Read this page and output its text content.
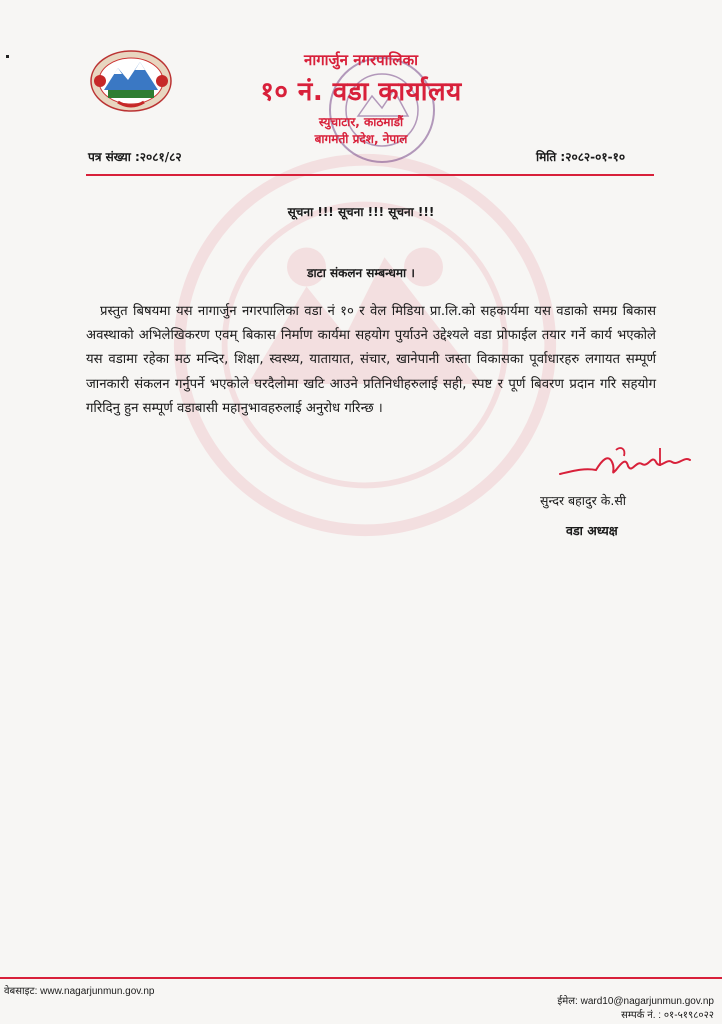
नागार्जुन नगरपालिका
१० नं. वडा कार्यालय
स्युचाटार, काठमाडौं
बागमती प्रदेश, नेपाल
पत्र संख्या :२०८१/८२	मिति :२०८२-०१-१०
सूचना !!! सूचना !!! सूचना !!!
डाटा संकलन सम्बन्धमा ।
प्रस्तुत बिषयमा यस नागार्जुन नगरपालिका वडा नं १० र वेल मिडिया प्रा.लि.को सहकार्यमा यस वडाको समग्र बिकास अवस्थाको अभिलेखिकरण एवम् बिकास निर्माण कार्यमा सहयोग पुर्याउने उद्देश्यले वडा प्रोफाईल तयार गर्ने कार्य भएकोले यस वडामा रहेका मठ मन्दिर, शिक्षा, स्वस्थ्य, यातायात, संचार, खानेपानी जस्ता विकासका पूर्वाधारहरु लगायत सम्पूर्ण जानकारी संकलन गर्नुपर्ने भएकोले घरदैलोमा खटि आउने प्रतिनिधीहरुलाई सही, स्पष्ट र पूर्ण बिवरण प्रदान गरि सहयोग गरिदिनु हुन सम्पूर्ण वडाबासी महानुभावहरुलाई अनुरोध गरिन्छ ।
सुन्दर बहादुर के.सी
वडा अध्यक्ष
वेबसाइट: www.nagarjunmun.gov.np
ईमेल: ward10@nagarjunmun.gov.np
सम्पर्क नं. : ०१-५१९८०२२
